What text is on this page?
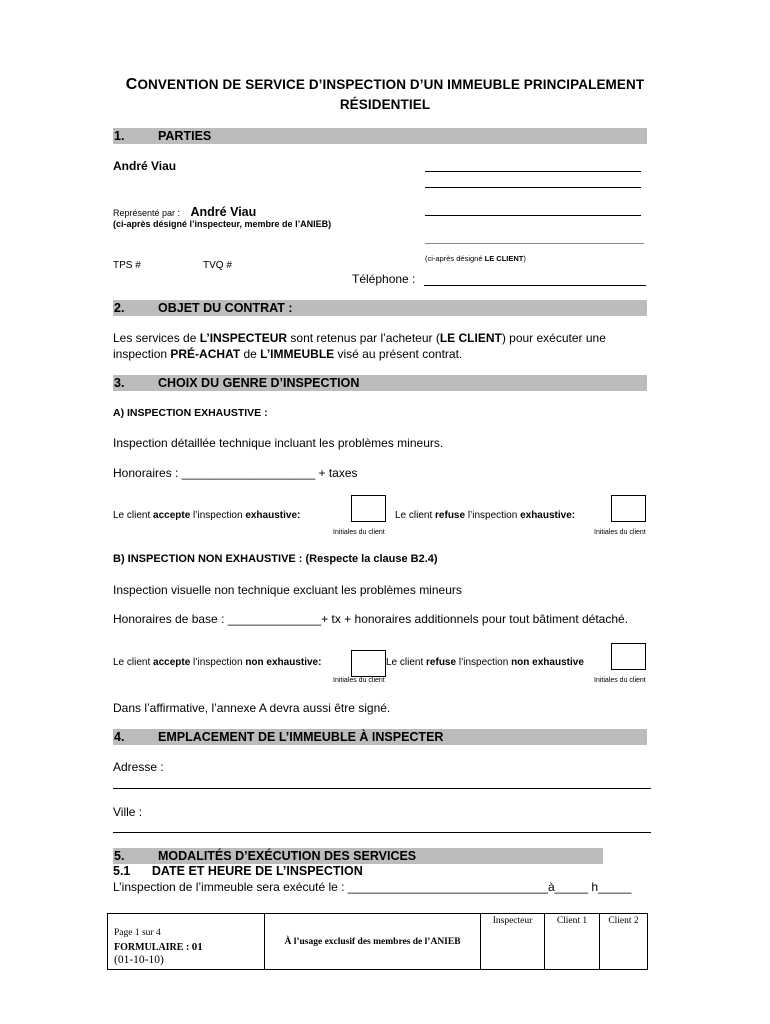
CONVENTION DE SERVICE D’INSPECTION D’UN IMMEUBLE PRINCIPALEMENT
RÉSIDENTIEL
1.	PARTIES
André Viau
Représenté par : André Viau
(ci-après désigné l’inspecteur, membre de l’ANIEB)
(ci-après désigné LE CLIENT)
TPS #	TVQ #
Téléphone :
2.	OBJET DU CONTRAT :
Les services de L’INSPECTEUR sont retenus par l’acheteur (LE CLIENT) pour exécuter une
inspection PRÉ-ACHAT de L’IMMEUBLE visé au présent contrat.
3.	CHOIX DU GENRE D’INSPECTION
A) INSPECTION EXHAUSTIVE :
Inspection détaillée technique incluant les problèmes mineurs.
Honoraires : ____________________ + taxes
Le client accepte l’inspection exhaustive:
Initiales du client
Le client refuse l’inspection exhaustive:
Initiales du client
B) INSPECTION NON EXHAUSTIVE : (Respecte la clause B2.4)
Inspection visuelle non technique excluant les problèmes mineurs
Honoraires de base : ______________+ tx + honoraires additionnels pour tout bâtiment détaché.
Le client accepte l’inspection non exhaustive:
Initiales du client
Le client refuse l’inspection non exhaustive
Initiales du client
Dans l’affirmative, l’annexe A devra aussi être signé.
4.	EMPLACEMENT DE L’IMMEUBLE À INSPECTER
Adresse :
Ville :
5.	MODALITÉS D’EXÉCUTION DES SERVICES
5.1 DATE ET HEURE DE L’INSPECTION
L’inspection de l’immeuble sera exécuté le : ______________________________à_____ h_____
Page 1 sur 4
FORMULAIRE : 01
(01-10-10)

À l’usage exclusif des membres de l’ANIEB
	Inspecteur	Client 1	Client 2
